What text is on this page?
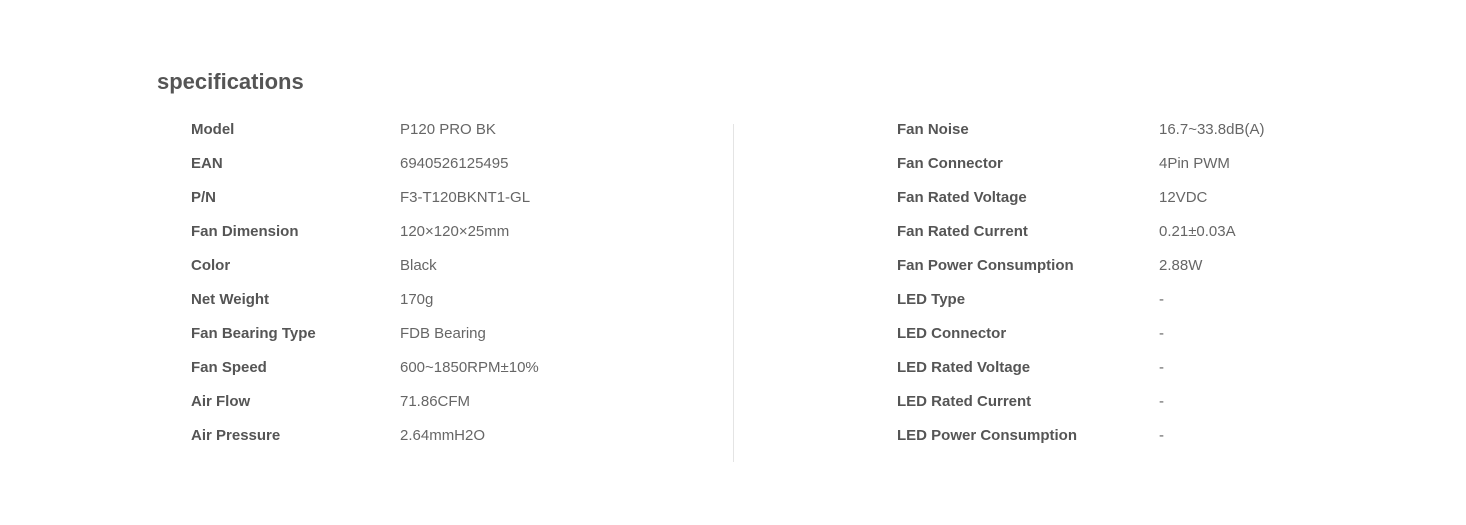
specifications
Model	P120 PRO BK
EAN	6940526125495
P/N	F3-T120BKNT1-GL
Fan Dimension	120×120×25mm
Color	Black
Net Weight	170g
Fan Bearing Type	FDB Bearing
Fan Speed	600~1850RPM±10%
Air Flow	71.86CFM
Air Pressure	2.64mmH2O
Fan Noise	16.7~33.8dB(A)
Fan Connector	4Pin PWM
Fan Rated Voltage	12VDC
Fan Rated Current	0.21±0.03A
Fan Power Consumption	2.88W
LED Type	-
LED Connector	-
LED Rated Voltage	-
LED Rated Current	-
LED Power Consumption	-
